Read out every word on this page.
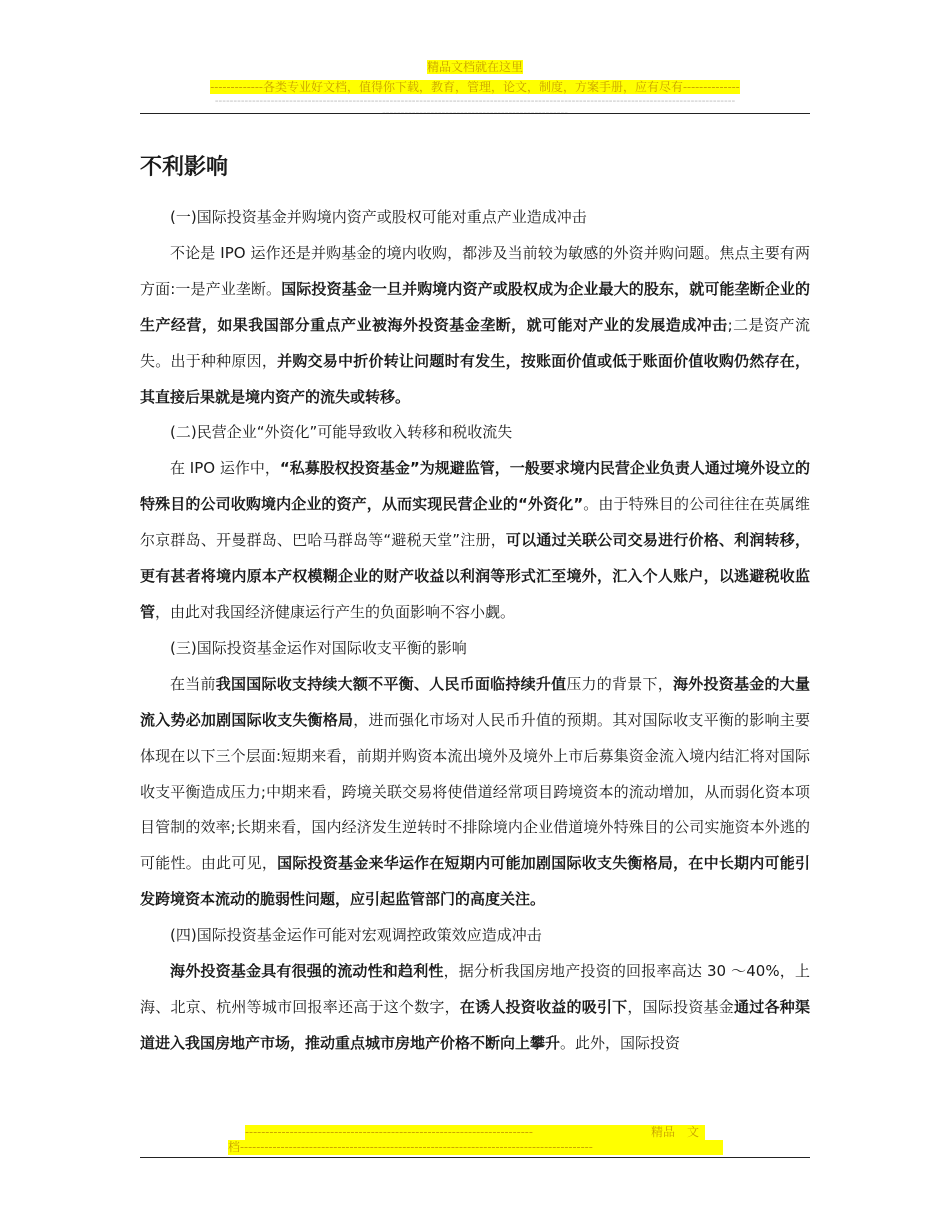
精品文档就在这里
-------------各类专业好文档，值得你下载，教育，管理，论文，制度，方案手册，应有尽有--------------
--------------------------------------------------------------------------------------------------------------------------------------------
--------------------------------------------------
不利影响

(一)国际投资基金并购境内资产或股权可能对重点产业造成冲击

不论是 IPO 运作还是并购基金的境内收购，都涉及当前较为敏感的外资并购问题。焦点主要有两方面:一是产业垄断。国际投资基金一旦并购境内资产或股权成为企业最大的股东，就可能垄断企业的生产经营，如果我国部分重点产业被海外投资基金垄断，就可能对产业的发展造成冲击;二是资产流失。出于种种原因，并购交易中折价转让问题时有发生，按账面价值或低于账面价值收购仍然存在，其直接后果就是境内资产的流失或转移。

(二)民营企业“外资化”可能导致收入转移和税收流失

在 IPO 运作中，“私募股权投资基金”为规避监管，一般要求境内民营企业负责人通过境外设立的特殊目的公司收购境内企业的资产，从而实现民营企业的“外资化”。由于特殊目的公司往往在英属维尔京群岛、开曼群岛、巴哈马群岛等“避税天堂”注册，可以通过关联公司交易进行价格、利润转移，更有甚者将境内原本产权模糊企业的财产收益以利润等形式汇至境外，汇入个人账户，以逃避税收监管，由此对我国经济健康运行产生的负面影响不容小觑。

(三)国际投资基金运作对国际收支平衡的影响

在当前我国国际收支持续大额不平衡、人民币面临持续升值压力的背景下，海外投资基金的大量流入势必加剧国际收支失衡格局，进而强化市场对人民币升值的预期。其对国际收支平衡的影响主要体现在以下三个层面:短期来看，前期并购资本流出境外及境外上市后募集资金流入境内结汇将对国际收支平衡造成压力;中期来看，跨境关联交易将使借道经常项目跨境资本的流动增加，从而弱化资本项目管制的效率;长期来看，国内经济发生逆转时不排除境内企业借道境外特殊目的公司实施资本外逃的可能性。由此可见，国际投资基金来华运作在短期内可能加剧国际收支失衡格局，在中长期内可能引发跨境资本流动的脆弱性问题，应引起监管部门的高度关注。

(四)国际投资基金运作可能对宏观调控政策效应造成冲击

海外投资基金具有很强的流动性和趋利性，据分析我国房地产投资的回报率高达 30 ～40%，上海、北京、杭州等城市回报率还高于这个数字，在诱人投资收益的吸引下，国际投资基金通过各种渠道进入我国房地产市场，推动重点城市房地产价格不断向上攀升。此外，国际投资

-----------------------------------------------------------------------	精品　文
档---------------------------------------------------------------------------------------
